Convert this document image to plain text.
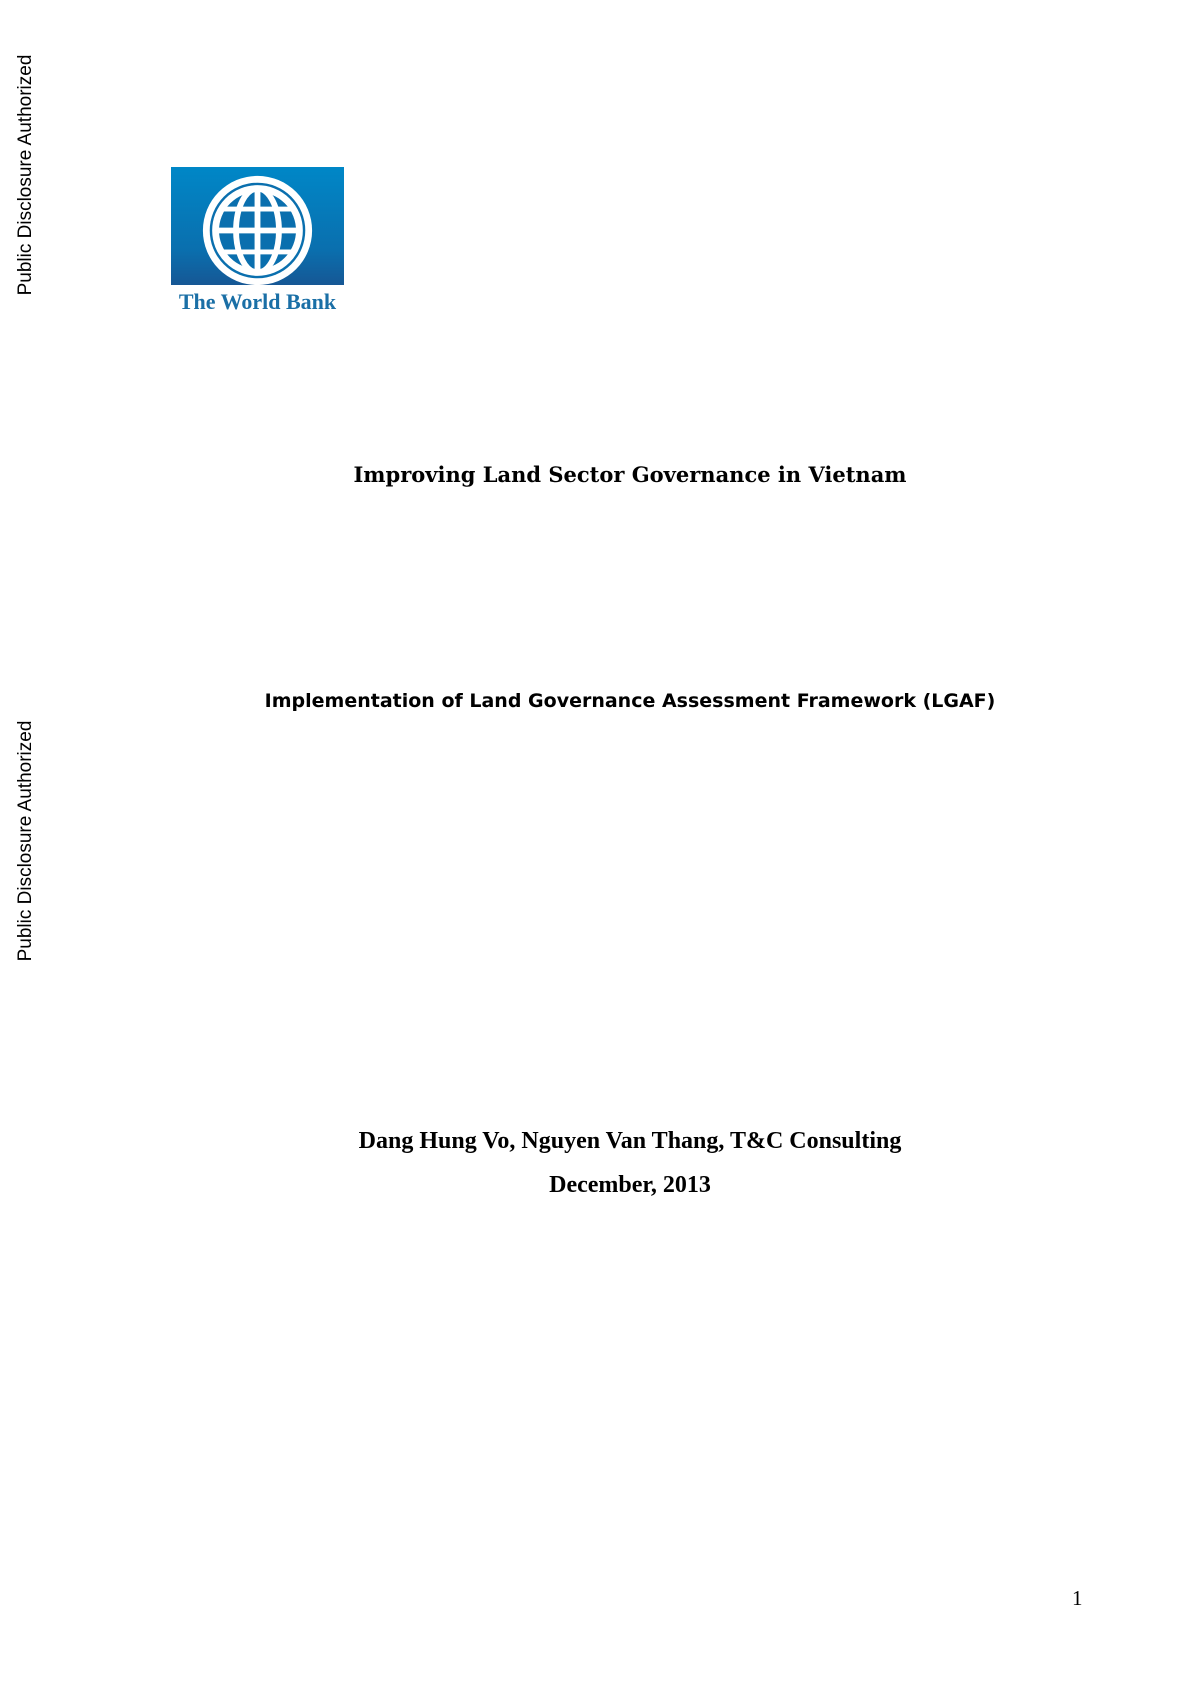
Public Disclosure Authorized
Public Disclosure Authorized
The World Bank
Improving Land Sector Governance in Vietnam
Implementation of Land Governance Assessment Framework (LGAF)
Dang Hung Vo, Nguyen Van Thang, T&C Consulting
December, 2013
1
